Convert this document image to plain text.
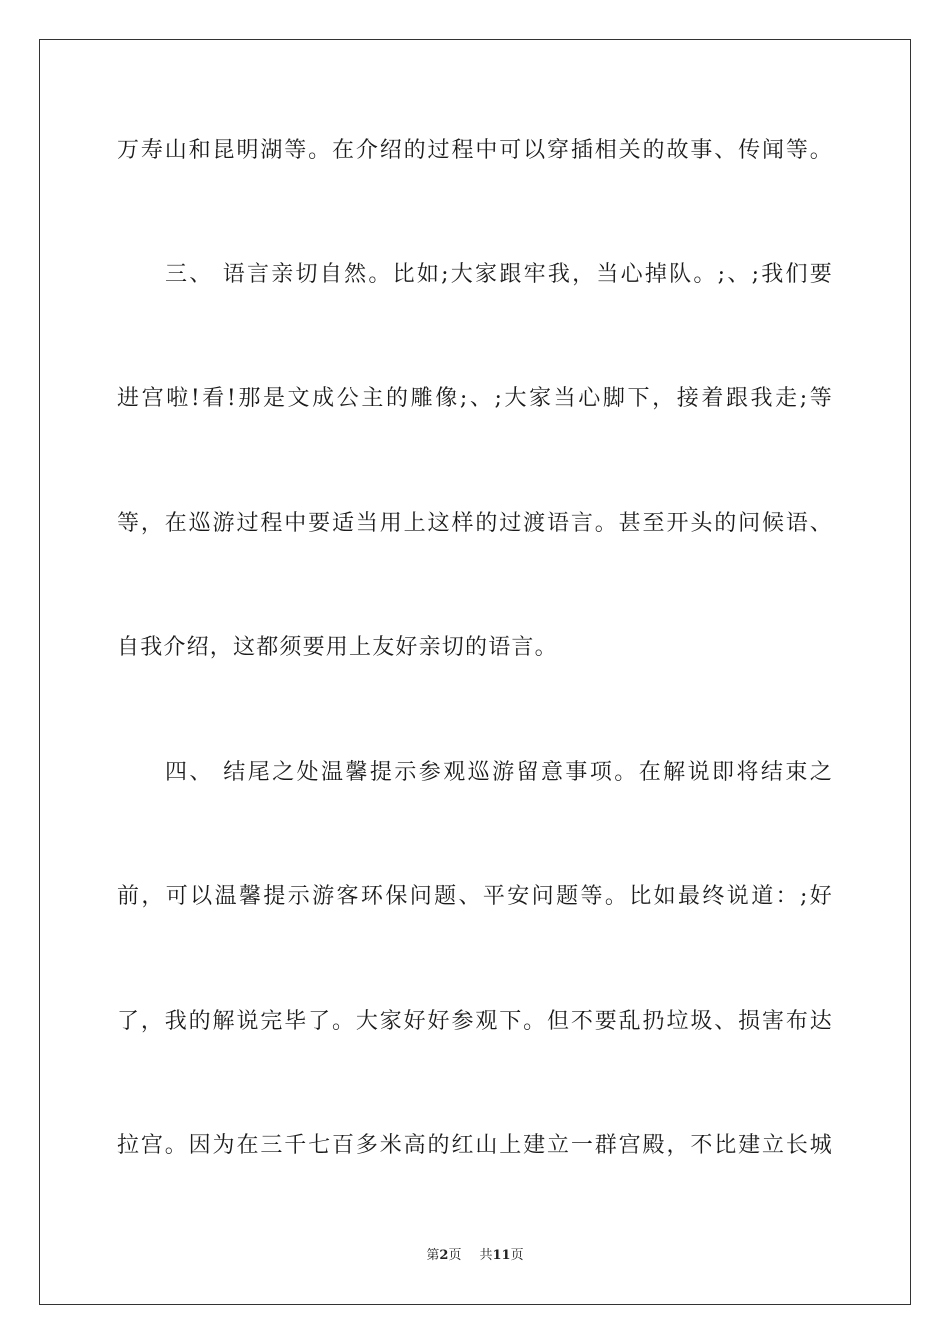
万寿山和昆明湖等。在介绍的过程中可以穿插相关的故事、传闻等。
三、 语言亲切自然。比如;大家跟牢我，当心掉队。;、;我们要
进宫啦!看!那是文成公主的雕像;、;大家当心脚下，接着跟我走;等
等，在巡游过程中要适当用上这样的过渡语言。甚至开头的问候语、
自我介绍，这都须要用上友好亲切的语言。
四、 结尾之处温馨提示参观巡游留意事项。在解说即将结束之
前，可以温馨提示游客环保问题、平安问题等。比如最终说道：;好
了，我的解说完毕了。大家好好参观下。但不要乱扔垃圾、损害布达
拉宫。因为在三千七百多米高的红山上建立一群宫殿，不比建立长城
第2页 共11页
